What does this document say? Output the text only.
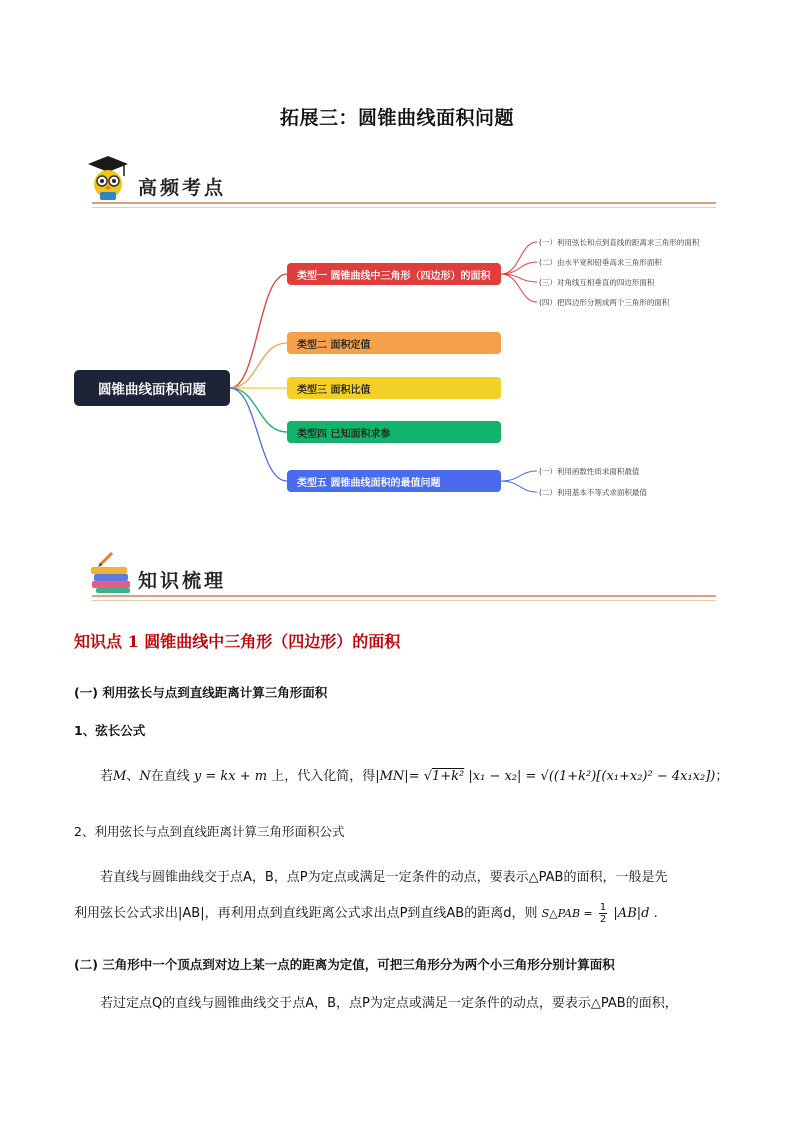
拓展三：圆锥曲线面积问题
高频考点
圆锥曲线面积问题
类型一 圆锥曲线中三角形（四边形）的面积
类型二 面积定值
类型三 面积比值
类型四 已知面积求参
类型五 圆锥曲线面积的最值问题
(一）利用弦长和点到直线的距离求三角形的面积
(二）由水平宽和铅垂高求三角形面积
(三）对角线互相垂直的四边形面积
(四）把四边形分割成两个三角形的面积
(一）利用函数性质求面积最值
(二）利用基本不等式求面积最值
知识梳理
知识点 1 圆锥曲线中三角形（四边形）的面积
(一) 利用弦长与点到直线距离计算三角形面积
1、弦长公式
若M、N在直线 y = kx + m 上，代入化简，得|MN|= √1+k² |x₁ − x₂| = √((1+k²)[(x₁+x₂)² − 4x₁x₂])；
2、利用弦长与点到直线距离计算三角形面积公式
若直线与圆锥曲线交于点A，B，点P为定点或满足一定条件的动点，要表示△PAB的面积，一般是先
利用弦长公式求出|AB|，再利用点到直线距离公式求出点P到直线AB的距离d，则 S△PAB = $\frac{1}{2} |AB|d$ .
(二) 三角形中一个顶点到对边上某一点的距离为定值，可把三角形分为两个小三角形分别计算面积
若过定点Q的直线与圆锥曲线交于点A，B，点P为定点或满足一定条件的动点，要表示△PAB的面积，
